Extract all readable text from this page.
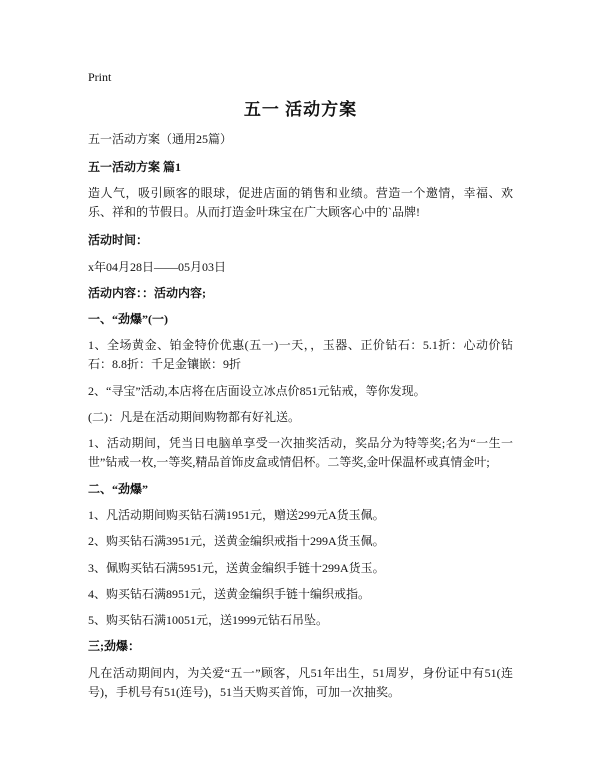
Print
五一 活动方案

五一活动方案（通用25篇）

五一活动方案 篇1

造人气，吸引顾客的眼球，促进店面的销售和业绩。营造一个邀情，幸福、欢乐、祥和的节假日。从而打造金叶珠宝在广大顾客心中的`品牌!

活动时间：

x年04月28日——05月03日

活动内容：：活动内容;

一、“劲爆”(一)

1、全场黄金、铂金特价优惠(五一)一天，，玉器、正价钻石：5.1折：心动价钻石：8.8折：千足金镶嵌：9折

2、“寻宝”活动,本店将在店面设立冰点价851元钻戒，等你发现。

(二)：凡是在活动期间购物都有好礼送。

1、活动期间，凭当日电脑单享受一次抽奖活动，奖品分为特等奖;名为“一生一世”钻戒一枚,一等奖,精品首饰皮盒或情侣杯。二等奖,金叶保温杯或真情金叶;

二、“劲爆”

1、凡活动期间购买钻石满1951元，赠送299元A货玉佩。

2、购买钻石满3951元，送黄金编织戒指十299A货玉佩。

3、佩购买钻石满5951元，送黄金编织手链十299A货玉。

4、购买钻石满8951元，送黄金编织手链十编织戒指。

5、购买钻石满10051元，送1999元钻石吊坠。

三;劲爆：

凡在活动期间内，为关爱“五一”顾客，凡51年出生，51周岁，身份证中有51(连号)，手机号有51(连号)，51当天购买首饰，可加一次抽奖。
